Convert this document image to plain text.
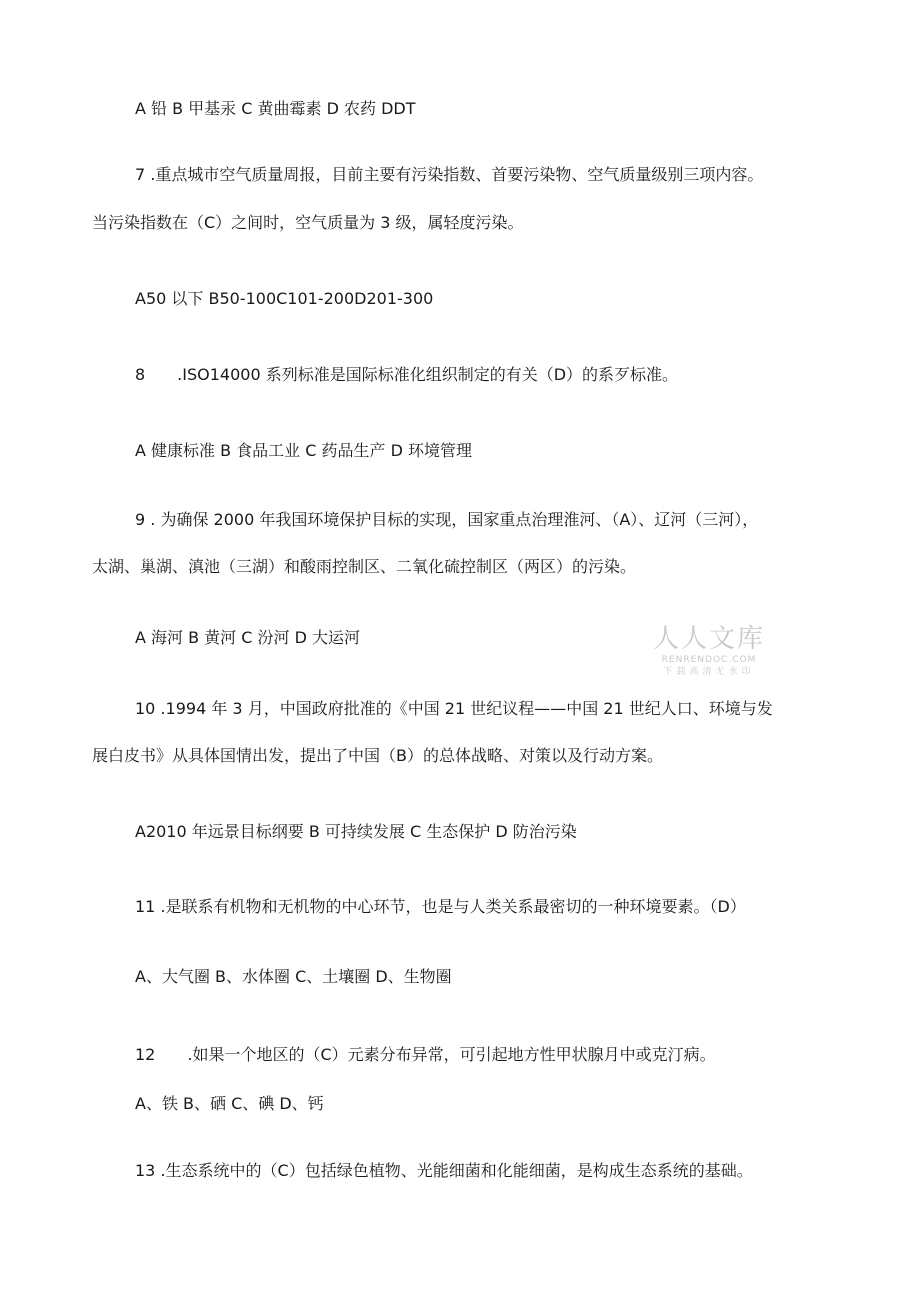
A 铅 B 甲基汞 C 黄曲霉素 D 农药 DDT
7 .重点城市空气质量周报，目前主要有污染指数、首要污染物、空气质量级别三项内容。
当污染指数在（C）之间时，空气质量为 3 级，属轻度污染。
A50 以下 B50-100C101-200D201-300
8　　.ISO14000 系列标准是国际标准化组织制定的有关（D）的系歹标准。
A 健康标准 B 食品工业 C 药品生产 D 环境管理
9 . 为确保 2000 年我国环境保护目标的实现，国家重点治理淮河、（A）、辽河（三河），
太湖、巢湖、滇池（三湖）和酸雨控制区、二氧化硫控制区（两区）的污染。
A 海河 B 黄河 C 汾河 D 大运河
10 .1994 年 3 月，中国政府批准的《中国 21 世纪议程——中国 21 世纪人口、环境与发
展白皮书》从具体国情出发，提出了中国（B）的总体战略、对策以及行动方案。
A2010 年远景目标纲要 B 可持续发展 C 生态保护 D 防治污染
11 .是联系有机物和无机物的中心环节，也是与人类关系最密切的一种环境要素。（D）
A、大气圈 B、水体圈 C、土壤圈 D、生物圈
12　　.如果一个地区的（C）元素分布异常，可引起地方性甲状腺月中或克汀病。
A、铁 B、硒 C、碘 D、钙
13 .生态系统中的（C）包括绿色植物、光能细菌和化能细菌，是构成生态系统的基础。
人人文库
RENRENDOC.COM
下载高清无水印
